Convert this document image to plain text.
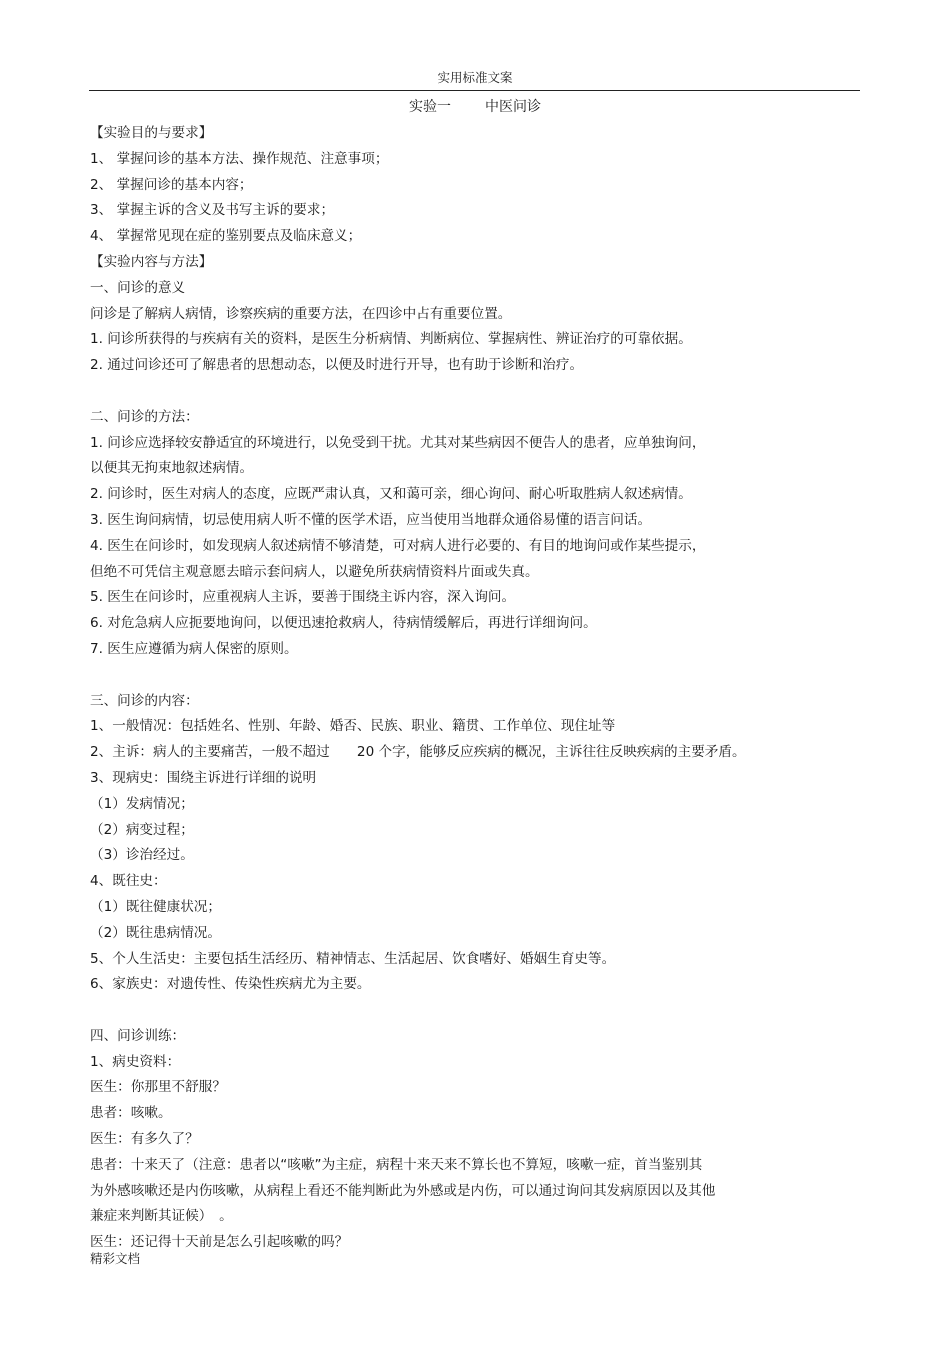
实用标准文案
实验一 中医问诊
【实验目的与要求】
1、 掌握问诊的基本方法、操作规范、注意事项；
2、 掌握问诊的基本内容；
3、 掌握主诉的含义及书写主诉的要求；
4、 掌握常见现在症的鉴别要点及临床意义；
【实验内容与方法】
一、问诊的意义
问诊是了解病人病情，诊察疾病的重要方法，在四诊中占有重要位置。
1. 问诊所获得的与疾病有关的资料，是医生分析病情、判断病位、掌握病性、辨证治疗的可靠依据。
2. 通过问诊还可了解患者的思想动态，以便及时进行开导，也有助于诊断和治疗。
二、问诊的方法：
1. 问诊应选择较安静适宜的环境进行，以免受到干扰。尤其对某些病因不便告人的患者，应单独询问，
以便其无拘束地叙述病情。
2. 问诊时，医生对病人的态度，应既严肃认真，又和蔼可亲，细心询问、耐心听取胜病人叙述病情。
3. 医生询问病情，切忌使用病人听不懂的医学术语，应当使用当地群众通俗易懂的语言问话。
4. 医生在问诊时，如发现病人叙述病情不够清楚，可对病人进行必要的、有目的地询问或作某些提示，
但绝不可凭信主观意愿去暗示套问病人，以避免所获病情资料片面或失真。
5. 医生在问诊时，应重视病人主诉，要善于围绕主诉内容，深入询问。
6. 对危急病人应扼要地询问，以便迅速抢救病人，待病情缓解后，再进行详细询问。
7. 医生应遵循为病人保密的原则。
三、问诊的内容：
1、一般情况：包括姓名、性别、年龄、婚否、民族、职业、籍贯、工作单位、现住址等
2、主诉：病人的主要痛苦，一般不超过　　20 个字，能够反应疾病的概况，主诉往往反映疾病的主要矛盾。
3、现病史：围绕主诉进行详细的说明
（1）发病情况；
（2）病变过程；
（3）诊治经过。
4、既往史：
（1）既往健康状况；
（2）既往患病情况。
5、个人生活史：主要包括生活经历、精神情志、生活起居、饮食嗜好、婚姻生育史等。
6、家族史：对遗传性、传染性疾病尤为主要。
四、问诊训练：
1、病史资料：
医生：你那里不舒服？
患者：咳嗽。
医生：有多久了？
患者：十来天了（注意：患者以“咳嗽”为主症，病程十来天来不算长也不算短，咳嗽一症，首当鉴别其
为外感咳嗽还是内伤咳嗽，从病程上看还不能判断此为外感或是内伤，可以通过询问其发病原因以及其他
兼症来判断其证候）　。
医生：还记得十天前是怎么引起咳嗽的吗？
精彩文档
